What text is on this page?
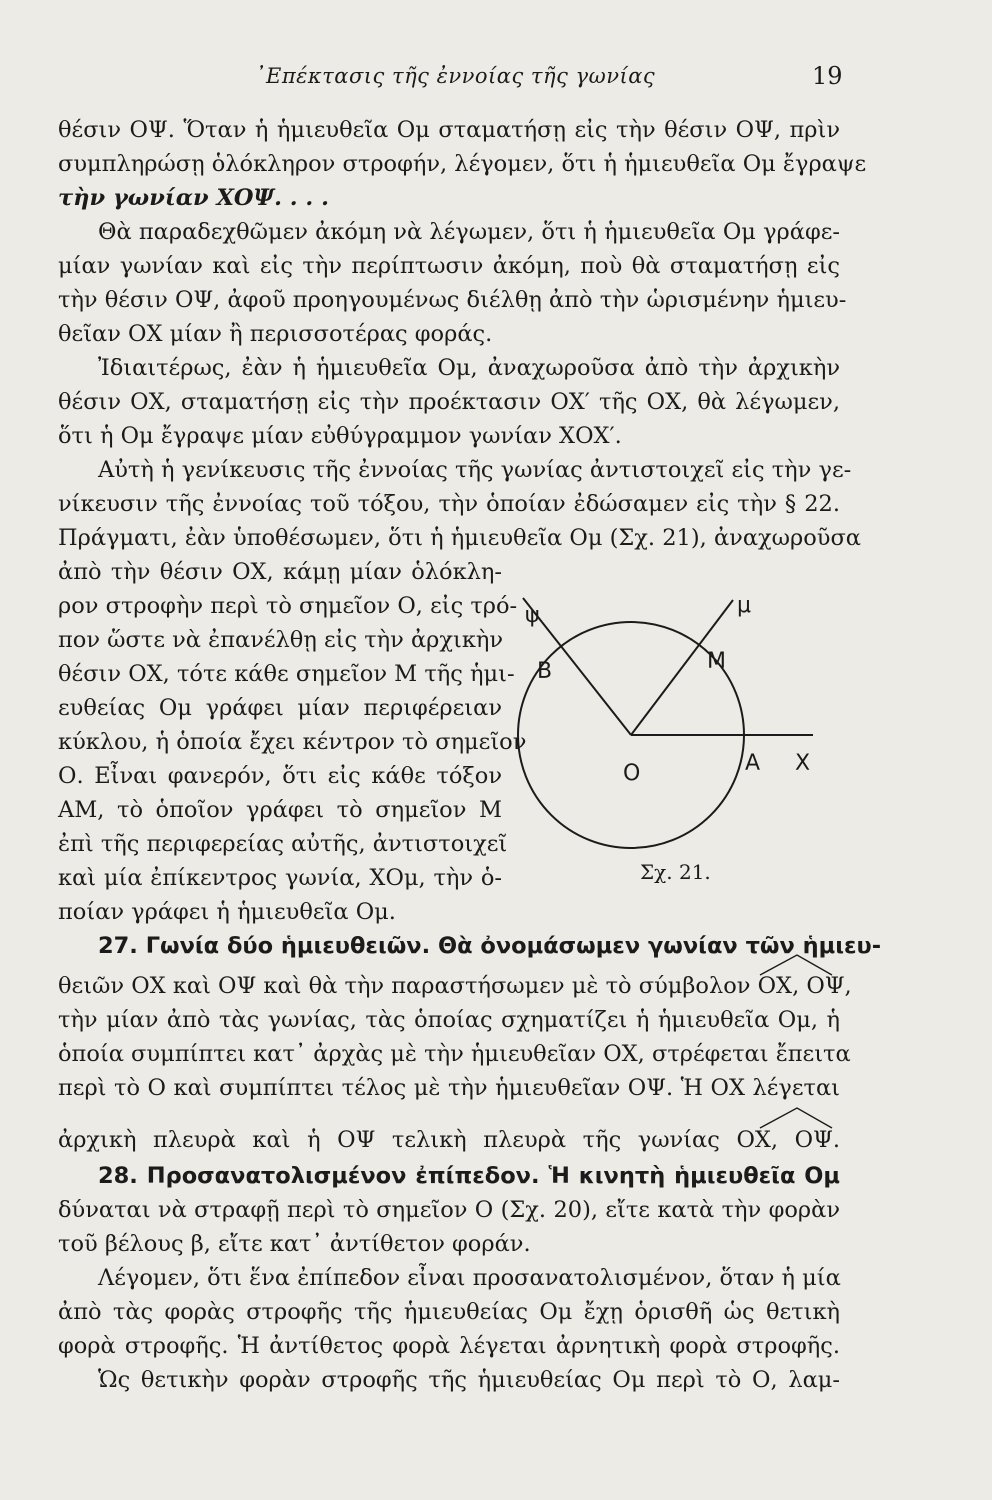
᾿Επέκτασις τῆς ἐννοίας τῆς γωνίας	19
θέσιν ΟΨ. Ὅταν ἡ ἡμιευθεῖα Ομ σταματήσῃ εἰς τὴν θέσιν ΟΨ, πρὶν
συμπληρώσῃ ὁλόκληρον στροφήν, λέγομεν, ὅτι ἡ ἡμιευθεῖα Ομ ἔγραψε
τὴν γωνίαν ΧΟΨ. . . .
Θὰ παραδεχθῶμεν ἀκόμη νὰ λέγωμεν, ὅτι ἡ ἡμιευθεῖα Ομ γράφε-
μίαν γωνίαν καὶ εἰς τὴν περίπτωσιν ἀκόμη, ποὺ θὰ σταματήσῃ εἰς
τὴν θέσιν ΟΨ, ἀφοῦ προηγουμένως διέλθῃ ἀπὸ τὴν ὡρισμένην ἡμιευ-
θεῖαν ΟΧ μίαν ἢ περισσοτέρας φοράς.
Ἰδιαιτέρως, ἐὰν ἡ ἡμιευθεῖα Ομ, ἀναχωροῦσα ἀπὸ τὴν ἀρχικὴν
θέσιν ΟΧ, σταματήσῃ εἰς τὴν προέκτασιν ΟΧ′ τῆς ΟΧ, θὰ λέγωμεν,
ὅτι ἡ Ομ ἔγραψε μίαν εὐθύγραμμον γωνίαν ΧΟΧ′.
Αὐτὴ ἡ γενίκευσις τῆς ἐννοίας τῆς γωνίας ἀντιστοιχεῖ εἰς τὴν γε-
νίκευσιν τῆς ἐννοίας τοῦ τόξου, τὴν ὁποίαν ἐδώσαμεν εἰς τὴν § 22.
Πράγματι, ἐὰν ὑποθέσωμεν, ὅτι ἡ ἡμιευθεῖα Ομ (Σχ. 21), ἀναχωροῦσα
ἀπὸ τὴν θέσιν ΟΧ, κάμῃ μίαν ὁλόκλη-
ρον στροφὴν περὶ τὸ σημεῖον Ο, εἰς τρό-
πον ὥστε νὰ ἐπανέλθῃ εἰς τὴν ἀρχικὴν
θέσιν ΟΧ, τότε κάθε σημεῖον Μ τῆς ἡμι-
ευθείας Ομ γράφει μίαν περιφέρειαν
κύκλου, ἡ ὁποία ἔχει κέντρον τὸ σημεῖον
Ο. Εἶναι φανερόν, ὅτι εἰς κάθε τόξον
ΑΜ, τὸ ὁποῖον γράφει τὸ σημεῖον Μ
ἐπὶ τῆς περιφερείας αὐτῆς, ἀντιστοιχεῖ
καὶ μία ἐπίκεντρος γωνία, ΧΟμ, τὴν ὁ-
ποίαν γράφει ἡ ἡμιευθεῖα Ομ.
27. Γωνία δύο ἡμιευθειῶν. Θὰ ὀνομάσωμεν γωνίαν τῶν ἡμιευ-
θειῶν ΟΧ καὶ ΟΨ καὶ θὰ τὴν παραστήσωμεν μὲ τὸ σύμβολον ΟΧ, ΟΨ,
τὴν μίαν ἀπὸ τὰς γωνίας, τὰς ὁποίας σχηματίζει ἡ ἡμιευθεῖα Ομ, ἡ
ὁποία συμπίπτει κατ᾿ ἀρχὰς μὲ τὴν ἡμιευθεῖαν ΟΧ, στρέφεται ἔπειτα
περὶ τὸ Ο καὶ συμπίπτει τέλος μὲ τὴν ἡμιευθεῖαν ΟΨ. Ἡ ΟΧ λέγεται
ἀρχικὴ πλευρὰ καὶ ἡ ΟΨ τελικὴ πλευρὰ τῆς γωνίας ΟΧ, ΟΨ.
28. Προσανατολισμένον ἐπίπεδον. Ἡ κινητὴ ἡμιευθεῖα Ομ
δύναται νὰ στραφῇ περὶ τὸ σημεῖον Ο (Σχ. 20), εἴτε κατὰ τὴν φορὰν
τοῦ βέλους β, εἴτε κατ᾿ ἀντίθετον φοράν.
Λέγομεν, ὅτι ἕνα ἐπίπεδον εἶναι προσανατολισμένον, ὅταν ἡ μία
ἀπὸ τὰς φορὰς στροφῆς τῆς ἡμιευθείας Ομ ἔχῃ ὁρισθῆ ὡς θετικὴ
φορὰ στροφῆς. Ἡ ἀντίθετος φορὰ λέγεται ἀρνητικὴ φορὰ στροφῆς.
Ὡς θετικὴν φορὰν στροφῆς τῆς ἡμιευθείας Ομ περὶ τὸ Ο, λαμ-
ψ	μ
Β	Μ
Ο	Α Χ
Σχ. 21.
